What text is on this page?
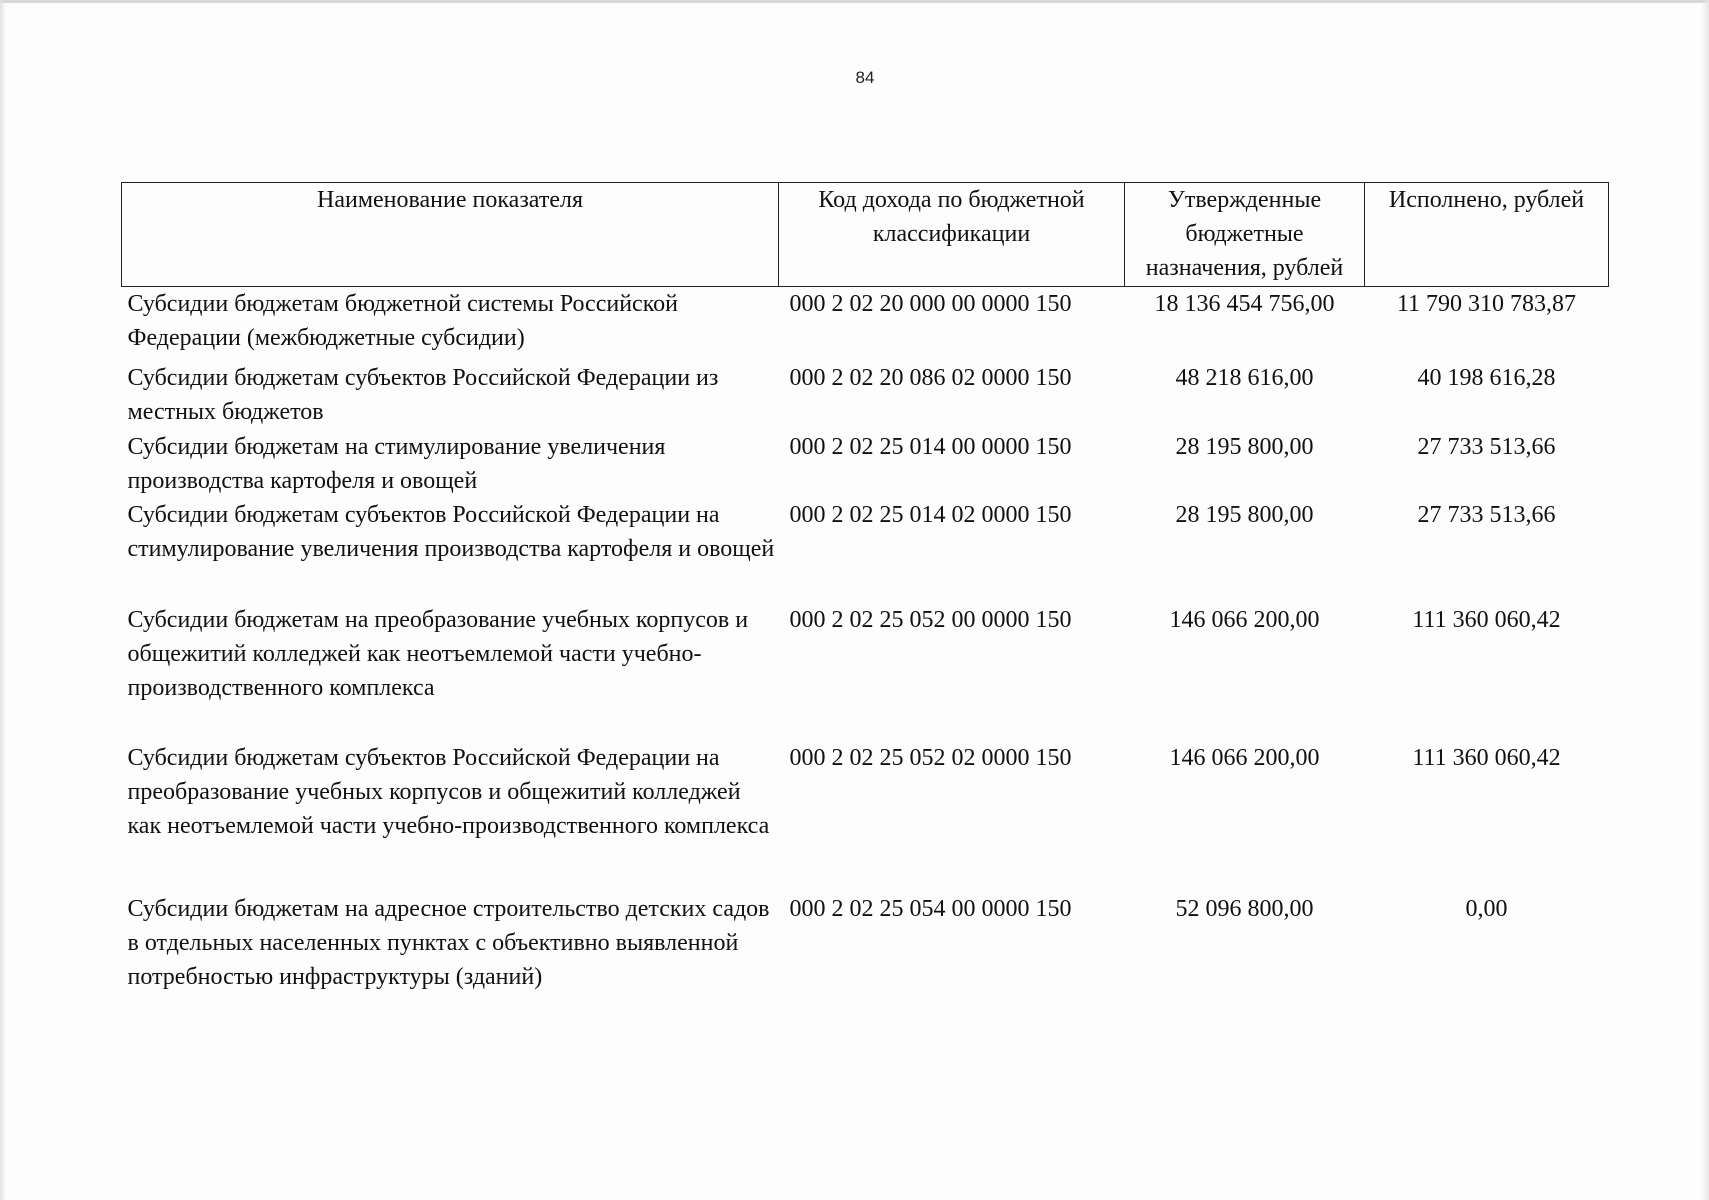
84
Наименование показателя	Код дохода по бюджетной классификации	Утвержденные бюджетные назначения, рублей	Исполнено, рублей
Субсидии бюджетам бюджетной системы Российской Федерации (межбюджетные субсидии)	000 2 02 20 000 00 0000 150	18 136 454 756,00	11 790 310 783,87
Субсидии бюджетам субъектов Российской Федерации из местных бюджетов	000 2 02 20 086 02 0000 150	48 218 616,00	40 198 616,28
Субсидии бюджетам на стимулирование увеличения производства картофеля и овощей	000 2 02 25 014 00 0000 150	28 195 800,00	27 733 513,66
Субсидии бюджетам субъектов Российской Федерации на стимулирование увеличения производства картофеля и овощей	000 2 02 25 014 02 0000 150	28 195 800,00	27 733 513,66
Субсидии бюджетам на преобразование учебных корпусов и общежитий колледжей как неотъемлемой части учебно-производственного комплекса	000 2 02 25 052 00 0000 150	146 066 200,00	111 360 060,42
Субсидии бюджетам субъектов Российской Федерации на преобразование учебных корпусов и общежитий колледжей как неотъемлемой части учебно-производственного комплекса	000 2 02 25 052 02 0000 150	146 066 200,00	111 360 060,42
Субсидии бюджетам на адресное строительство детских садов в отдельных населенных пунктах с объективно выявленной потребностью инфраструктуры (зданий)	000 2 02 25 054 00 0000 150	52 096 800,00	0,00
